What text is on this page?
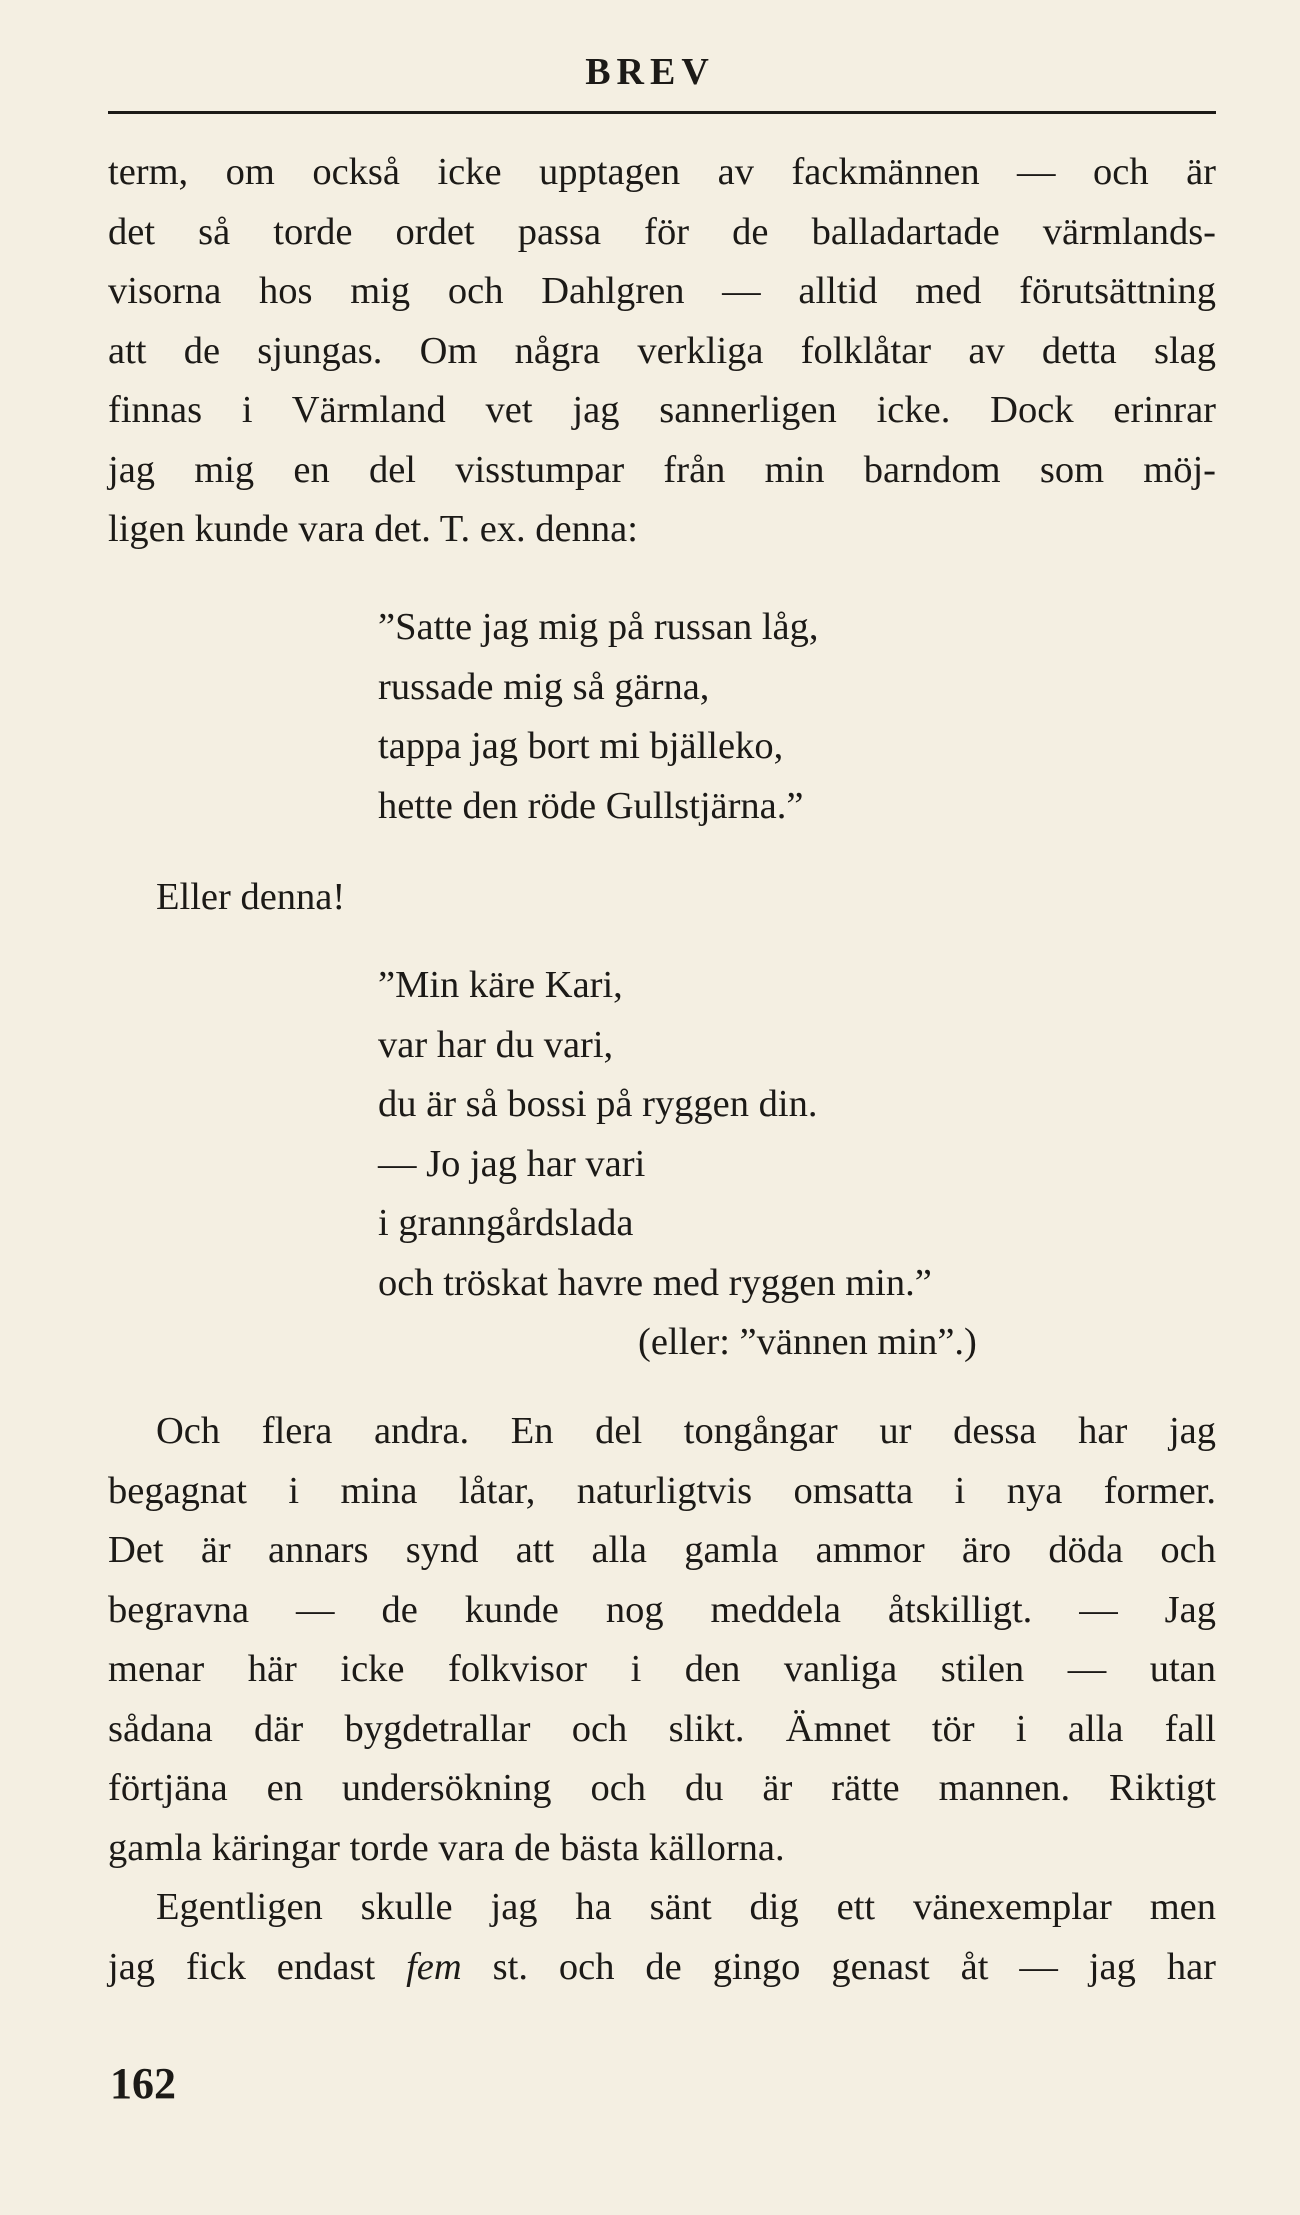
BREV
term, om också icke upptagen av fackmännen — och är
det så torde ordet passa för de balladartade värmlands-
visorna hos mig och Dahlgren — alltid med förutsättning
att de sjungas. Om några verkliga folklåtar av detta slag
finnas i Värmland vet jag sannerligen icke. Dock erinrar
jag mig en del visstumpar från min barndom som möj-
ligen kunde vara det. T. ex. denna:
”Satte jag mig på russan låg,
russade mig så gärna,
tappa jag bort mi bjälleko,
hette den röde Gullstjärna.”
Eller denna!
”Min käre Kari,
var har du vari,
du är så bossi på ryggen din.
— Jo jag har vari
i granngårdslada
och tröskat havre med ryggen min.”
(eller: ”vännen min”.)
Och flera andra. En del tongångar ur dessa har jag
begagnat i mina låtar, naturligtvis omsatta i nya former.
Det är annars synd att alla gamla ammor äro döda och
begravna — de kunde nog meddela åtskilligt. — Jag
menar här icke folkvisor i den vanliga stilen — utan
sådana där bygdetrallar och slikt. Ämnet tör i alla fall
förtjäna en undersökning och du är rätte mannen. Riktigt
gamla käringar torde vara de bästa källorna.
Egentligen skulle jag ha sänt dig ett vänexemplar men
jag fick endast fem st. och de gingo genast åt — jag har
162
